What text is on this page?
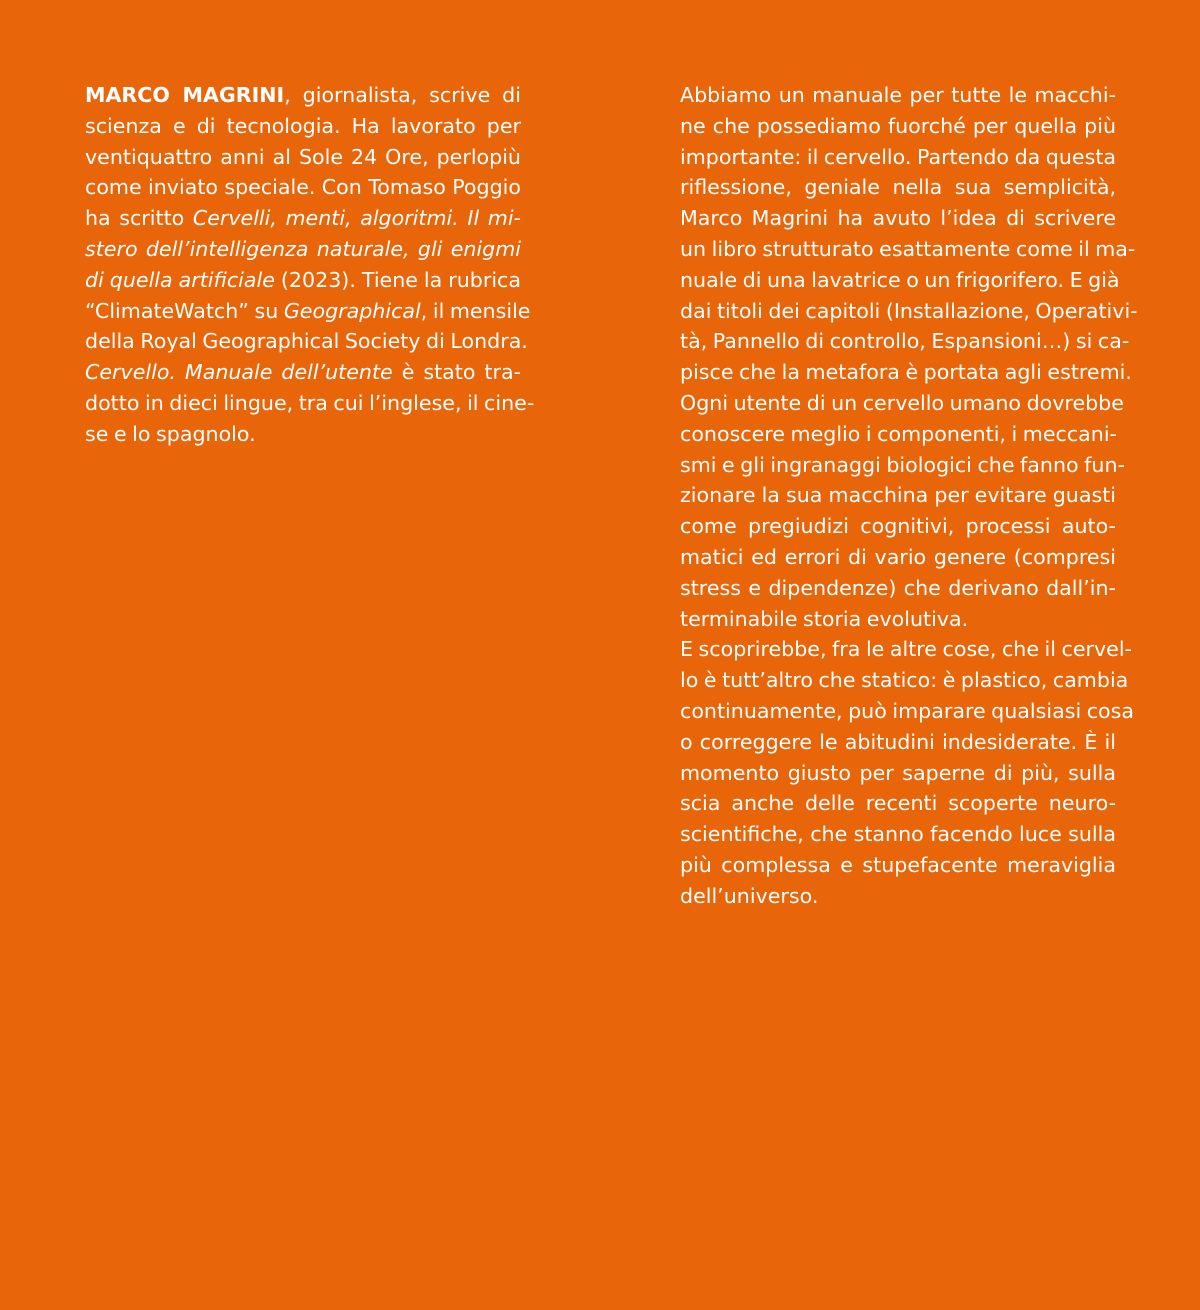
MARCO MAGRINI, giornalista, scrive di
scienza e di tecnologia. Ha lavorato per
ventiquattro anni al Sole 24 Ore, perlopiù
come inviato speciale. Con Tomaso Poggio
ha scritto Cervelli, menti, algoritmi. Il mi-
stero dell’intelligenza naturale, gli enigmi
di quella artificiale (2023). Tiene la rubrica
“ClimateWatch” su Geographical, il mensile
della Royal Geographical Society di Londra.
Cervello. Manuale dell’utente è stato tra-
dotto in dieci lingue, tra cui l’inglese, il cine-
se e lo spagnolo.
Abbiamo un manuale per tutte le macchi-
ne che possediamo fuorché per quella più
importante: il cervello. Partendo da questa
riflessione, geniale nella sua semplicità,
Marco Magrini ha avuto l’idea di scrivere
un libro strutturato esattamente come il ma-
nuale di una lavatrice o un frigorifero. E già
dai titoli dei capitoli (Installazione, Operativi-
tà, Pannello di controllo, Espansioni…) si ca-
pisce che la metafora è portata agli estremi.
Ogni utente di un cervello umano dovrebbe
conoscere meglio i componenti, i meccani-
smi e gli ingranaggi biologici che fanno fun-
zionare la sua macchina per evitare guasti
come pregiudizi cognitivi, processi auto-
matici ed errori di vario genere (compresi
stress e dipendenze) che derivano dall’in-
terminabile storia evolutiva.
E scoprirebbe, fra le altre cose, che il cervel-
lo è tutt’altro che statico: è plastico, cambia
continuamente, può imparare qualsiasi cosa
o correggere le abitudini indesiderate. È il
momento giusto per saperne di più, sulla
scia anche delle recenti scoperte neuro-
scientifiche, che stanno facendo luce sulla
più complessa e stupefacente meraviglia
dell’universo.
